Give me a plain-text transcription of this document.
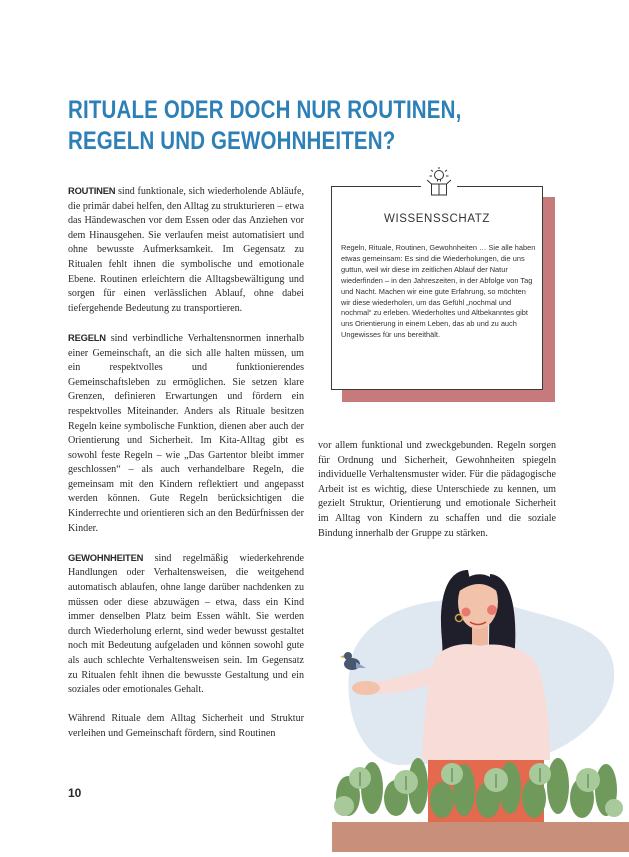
RITUALE ODER DOCH NUR ROUTINEN,
REGELN UND GEWOHNHEITEN?

ROUTINEN sind funktionale, sich wiederholende Abläufe, die primär dabei helfen, den Alltag zu strukturieren – etwa das Händewaschen vor dem Essen oder das Anziehen vor dem Hinausgehen. Sie verlaufen meist automatisiert und ohne bewusste Aufmerksamkeit. Im Gegensatz zu Ritualen fehlt ihnen die symbolische und emotionale Ebene. Routinen erleichtern die Alltagsbewältigung und sorgen für einen verlässlichen Ablauf, ohne dabei tiefergehende Bedeutung zu transportieren.

REGELN sind verbindliche Verhaltensnormen innerhalb einer Gemeinschaft, an die sich alle halten müssen, um ein respektvolles und funktionierendes Gemeinschaftsleben zu ermöglichen. Sie setzen klare Grenzen, definieren Erwartungen und fördern ein respektvolles Miteinander. Anders als Rituale besitzen Regeln keine symbolische Funktion, dienen aber auch der Orientierung und Sicherheit. Im Kita-Alltag gibt es sowohl feste Regeln – wie „Das Gartentor bleibt immer geschlossen“ – als auch verhandelbare Regeln, die gemeinsam mit den Kindern reflektiert und angepasst werden können. Gute Regeln berücksichtigen die Kinderrechte und orientieren sich an den Bedürfnissen der Kinder.

GEWOHNHEITEN sind regelmäßig wiederkehrende Handlungen oder Verhaltensweisen, die weitgehend automatisch ablaufen, ohne lange darüber nachdenken zu müssen oder diese abzuwägen – etwa, dass ein Kind immer denselben Platz beim Essen wählt. Sie werden durch Wiederholung erlernt, sind weder bewusst gestaltet noch mit Bedeutung aufgeladen und können sowohl gute als auch schlechte Verhaltensweisen sein. Im Gegensatz zu Ritualen fehlt ihnen die bewusste Gestaltung und ein soziales oder emotionales Gehalt.

Während Rituale dem Alltag Sicherheit und Struktur verleihen und Gemeinschaft fördern, sind Routinen

WISSENSSCHATZ

Regeln, Rituale, Routinen, Gewohnheiten … Sie alle haben etwas gemeinsam: Es sind die Wiederholungen, die uns guttun, weil wir diese im zeitlichen Ablauf der Natur wiederfinden – in den Jahreszeiten, in der Abfolge von Tag und Nacht. Machen wir eine gute Erfahrung, so möchten wir diese wiederholen, um das Gefühl „nochmal und nochmal“ zu erleben. Wiederholtes und Altbekanntes gibt uns Orientierung in einem Leben, das ab und zu auch Ungewisses für uns bereithält.

vor allem funktional und zweckgebunden. Regeln sorgen für Ordnung und Sicherheit, Gewohnheiten spiegeln individuelle Verhaltensmuster wider. Für die pädagogische Arbeit ist es wichtig, diese Unterschiede zu kennen, um gezielt Struktur, Orientierung und emotionale Sicherheit im Alltag von Kindern zu schaffen und die soziale Bindung innerhalb der Gruppe zu stärken.

10
